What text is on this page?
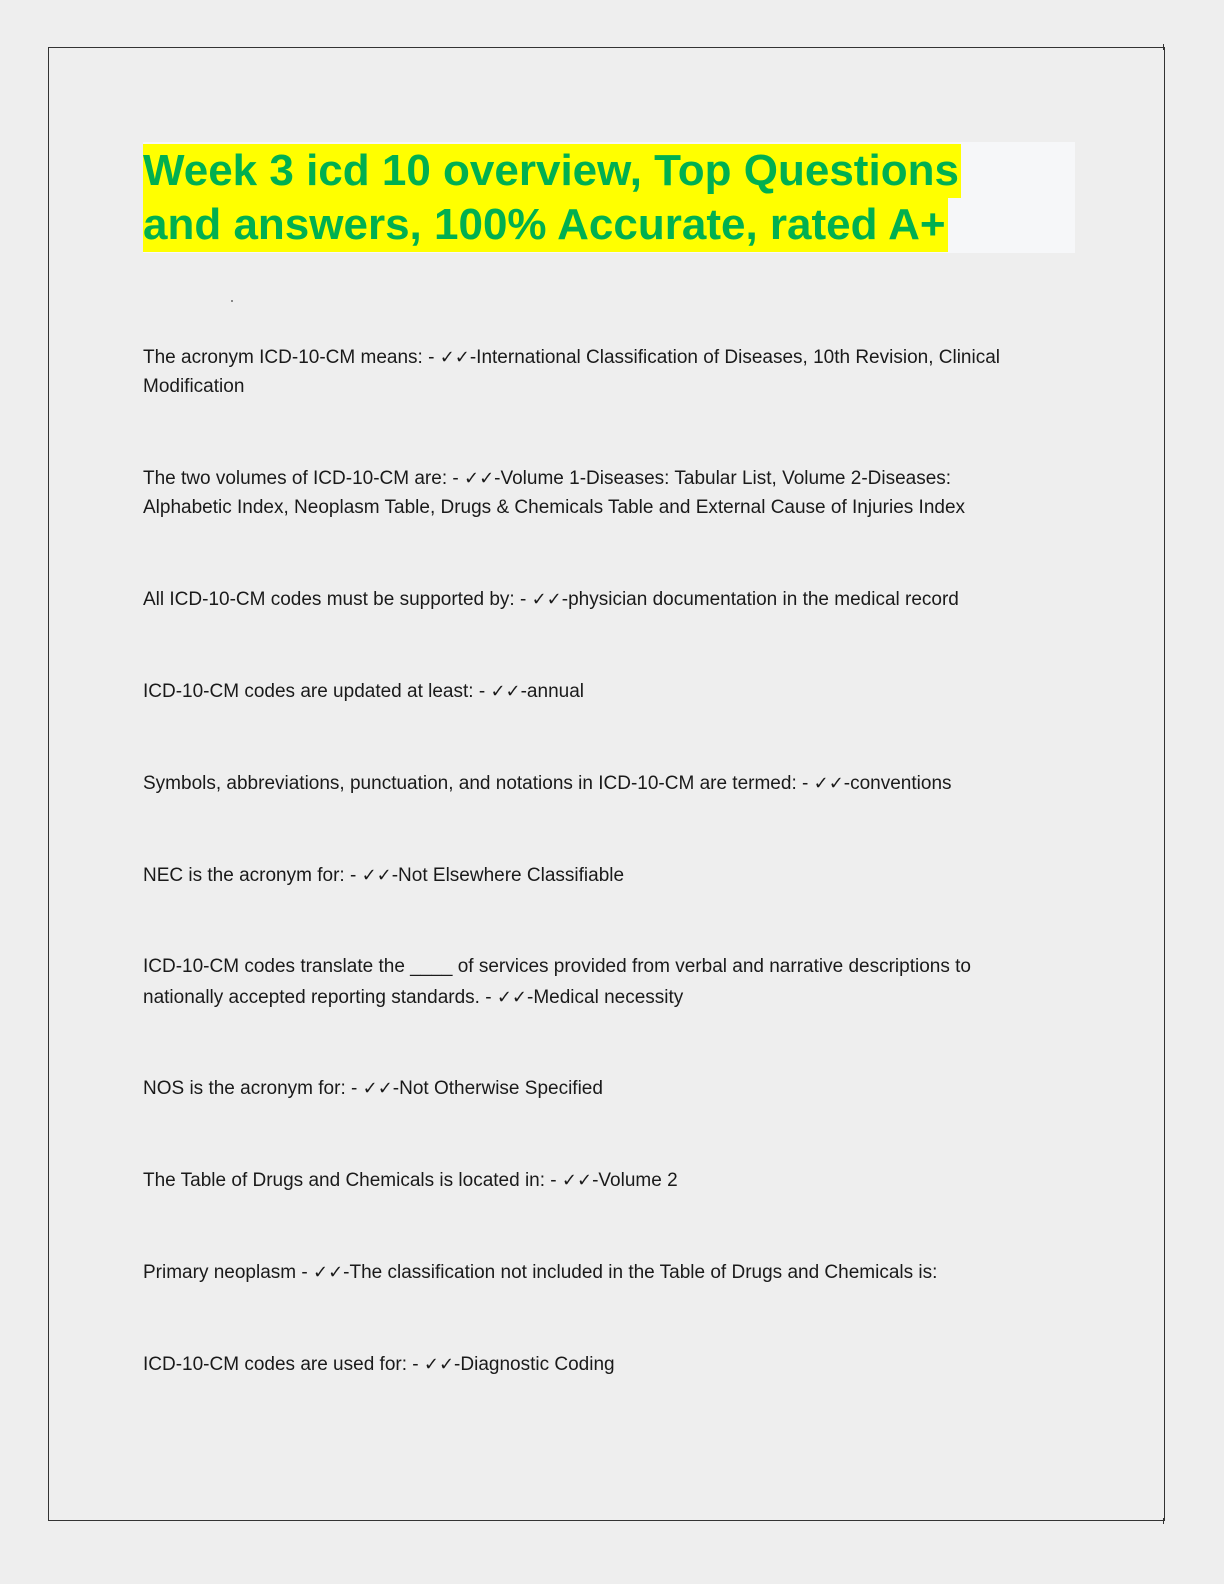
Week 3 icd 10 overview, Top Questions
and answers, 100% Accurate, rated A+

The acronym ICD-10-CM means: - ✓✓-International Classification of Diseases, 10th Revision, Clinical Modification

The two volumes of ICD-10-CM are: - ✓✓-Volume 1-Diseases: Tabular List, Volume 2-Diseases: Alphabetic Index, Neoplasm Table, Drugs & Chemicals Table and External Cause of Injuries Index

All ICD-10-CM codes must be supported by: - ✓✓-physician documentation in the medical record

ICD-10-CM codes are updated at least: - ✓✓-annual

Symbols, abbreviations, punctuation, and notations in ICD-10-CM are termed: - ✓✓-conventions

NEC is the acronym for: - ✓✓-Not Elsewhere Classifiable

ICD-10-CM codes translate the ____ of services provided from verbal and narrative descriptions to nationally accepted reporting standards. - ✓✓-Medical necessity

NOS is the acronym for: - ✓✓-Not Otherwise Specified

The Table of Drugs and Chemicals is located in: - ✓✓-Volume 2

Primary neoplasm - ✓✓-The classification not included in the Table of Drugs and Chemicals is:

ICD-10-CM codes are used for: - ✓✓-Diagnostic Coding
